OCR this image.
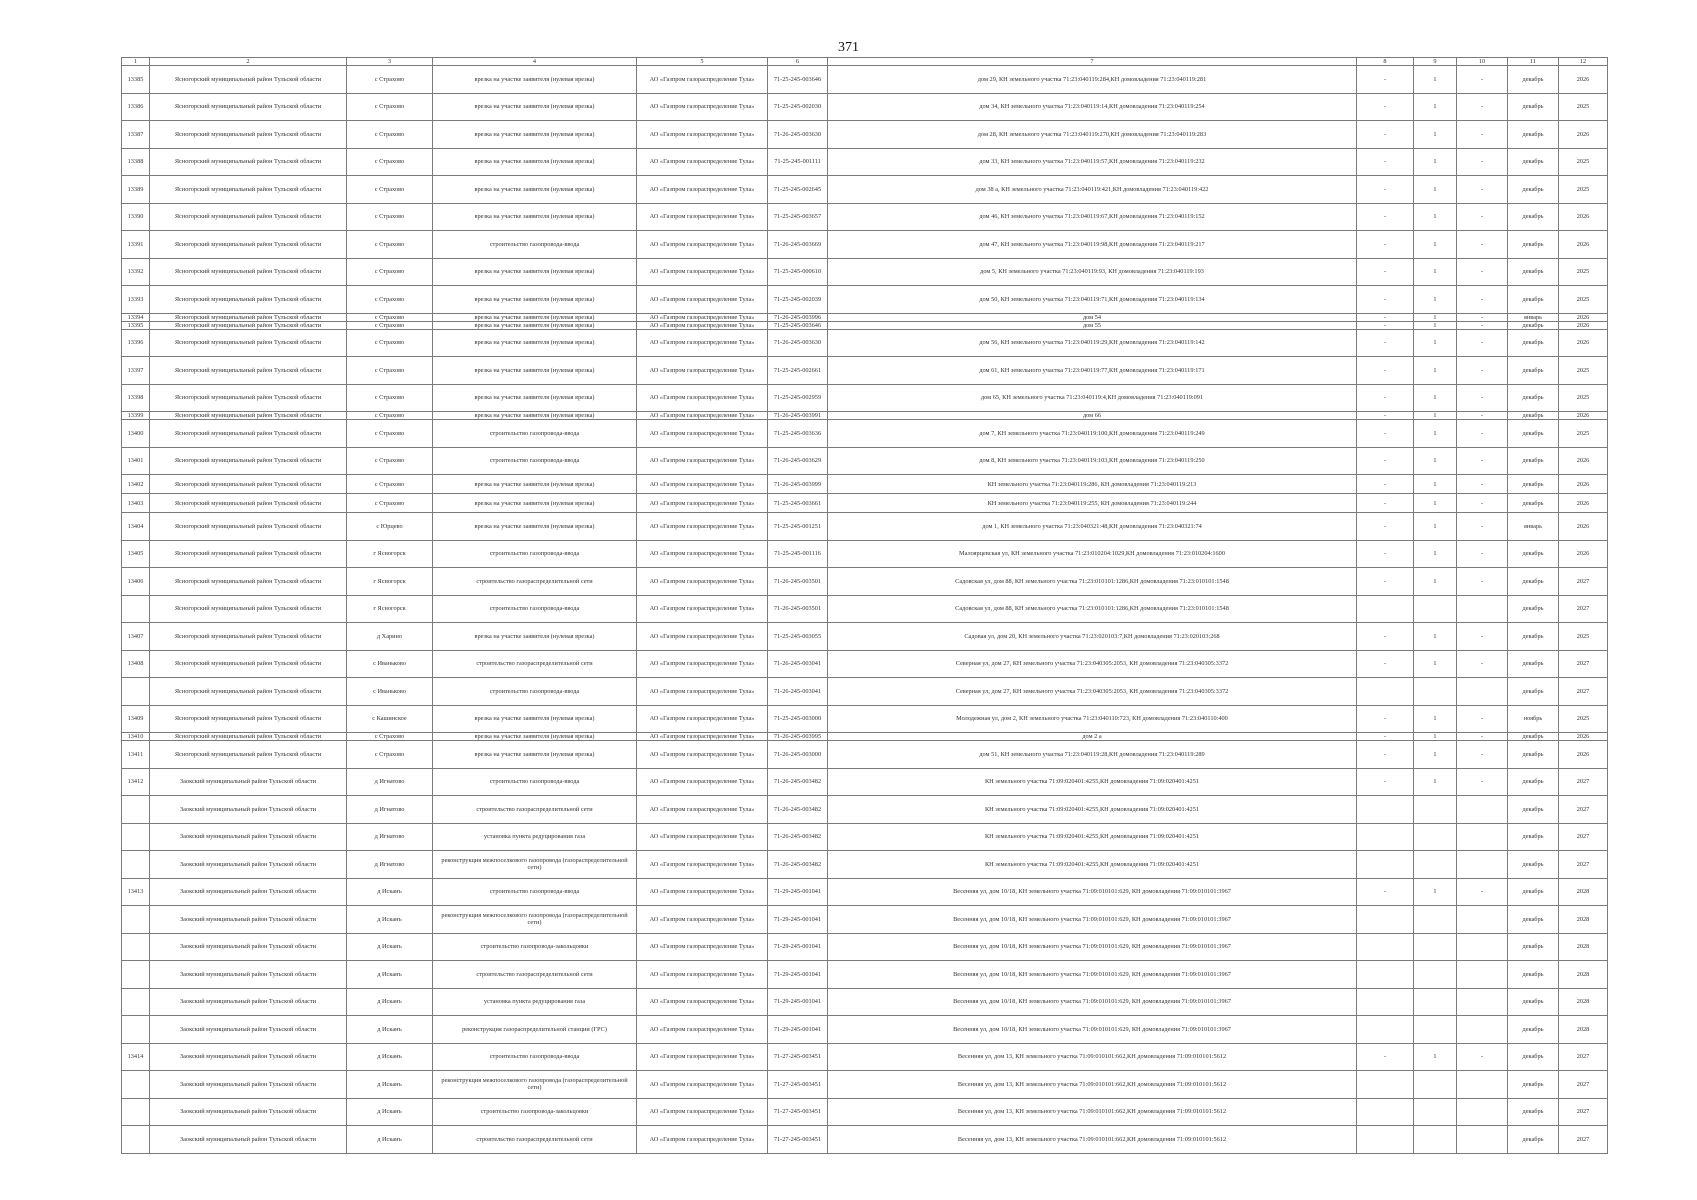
371
1	2	3	4	5	6	7	8	9	10	11	12
13385	Ясногорский муниципальный район Тульской области	с Страхово	врезка на участке заявителя (нулевая врезка)	АО «Газпром газораспределение Тула»	71-25-245-003646	дом 29, КН земельного участка 71:23:040119:284,КН домовладения 71:23:040119:281	-	1	-	декабрь	2026
13386	Ясногорский муниципальный район Тульской области	с Страхово	врезка на участке заявителя (нулевая врезка)	АО «Газпром газораспределение Тула»	71-25-245-002030	дом 34, КН земельного участка 71:23:040119:14,КН домовладения 71:23:040119:254	-	1	-	декабрь	2025
13387	Ясногорский муниципальный район Тульской области	с Страхово	врезка на участке заявителя (нулевая врезка)	АО «Газпром газораспределение Тула»	71-26-245-003630	дом 28, КН земельного участка 71:23:040119:270,КН домовладения 71:23:040119:283	-	1	-	декабрь	2026
13388	Ясногорский муниципальный район Тульской области	с Страхово	врезка на участке заявителя (нулевая врезка)	АО «Газпром газораспределение Тула»	71-25-245-001111	дом 33, КН земельного участка 71:23:040119:57,КН домовладения 71:23:040119:232	-	1	-	декабрь	2025
13389	Ясногорский муниципальный район Тульской области	с Страхово	врезка на участке заявителя (нулевая врезка)	АО «Газпром газораспределение Тула»	71-25-245-002645	дом 38 а, КН земельного участка 71:23:040119:421,КН домовладения 71:23:040119:422	-	1	-	декабрь	2025
13390	Ясногорский муниципальный район Тульской области	с Страхово	врезка на участке заявителя (нулевая врезка)	АО «Газпром газораспределение Тула»	71-25-245-003657	дом 46, КН земельного участка 71:23:040119:67,КН домовладения 71:23:040119:152	-	1	-	декабрь	2026
13391	Ясногорский муниципальный район Тульской области	с Страхово	строительство газопровода-ввода	АО «Газпром газораспределение Тула»	71-26-245-003669	дом 47, КН земельного участка 71:23:040119:98,КН домовладения 71:23:040119:217	-	1	-	декабрь	2026
13392	Ясногорский муниципальный район Тульской области	с Страхово	врезка на участке заявителя (нулевая врезка)	АО «Газпром газораспределение Тула»	71-25-245-000610	дом 5, КН земельного участка 71:23:040119:93, КН домовладения 71:23:040119:193	-	1	-	декабрь	2025
13393	Ясногорский муниципальный район Тульской области	с Страхово	врезка на участке заявителя (нулевая врезка)	АО «Газпром газораспределение Тула»	71-25-245-002039	дом 50, КН земельного участка 71:23:040119:71,КН домовладения 71:23:040119:134	-	1	-	декабрь	2025
13394	Ясногорский муниципальный район Тульской области	с Страхово	врезка на участке заявителя (нулевая врезка)	АО «Газпром газораспределение Тула»	71-26-245-003996	дом 54	-	1	-	январь	2026
13395	Ясногорский муниципальный район Тульской области	с Страхово	врезка на участке заявителя (нулевая врезка)	АО «Газпром газораспределение Тула»	71-25-245-003646	дом 55	-	1	-	декабрь	2026
13396	Ясногорский муниципальный район Тульской области	с Страхово	врезка на участке заявителя (нулевая врезка)	АО «Газпром газораспределение Тула»	71-26-245-003630	дом 56, КН земельного участка 71:23:040119:29,КН домовладения 71:23:040119:142	-	1	-	декабрь	2026
13397	Ясногорский муниципальный район Тульской области	с Страхово	врезка на участке заявителя (нулевая врезка)	АО «Газпром газораспределение Тула»	71-25-245-002661	дом 61, КН земельного участка 71:23:040119:77,КН домовладения 71:23:040119:171	-	1	-	декабрь	2025
13398	Ясногорский муниципальный район Тульской области	с Страхово	врезка на участке заявителя (нулевая врезка)	АО «Газпром газораспределение Тула»	71-25-245-002959	дом 65, КН земельного участка 71:23:040119:4,КН домовладения 71:23:040119:091	-	1	-	декабрь	2025
13399	Ясногорский муниципальный район Тульской области	с Страхово	врезка на участке заявителя (нулевая врезка)	АО «Газпром газораспределение Тула»	71-26-245-003991	дом 66	-	1	-	декабрь	2026
13400	Ясногорский муниципальный район Тульской области	с Страхово	строительство газопровода-ввода	АО «Газпром газораспределение Тула»	71-25-245-003636	дом 7, КН земельного участка 71:23:040119:100,КН домовладения 71:23:040119:249	-	1	-	декабрь	2025
13401	Ясногорский муниципальный район Тульской области	с Страхово	строительство газопровода-ввода	АО «Газпром газораспределение Тула»	71-26-245-003629	дом 8, КН земельного участка 71:23:040119:103,КН домовладения 71:23:040119:250	-	1	-	декабрь	2026
13402	Ясногорский муниципальный район Тульской области	с Страхово	врезка на участке заявителя (нулевая врезка)	АО «Газпром газораспределение Тула»	71-26-245-003999	КН земельного участка 71:23:040119:286, КН домовладения 71:23:040119:213	-	1	-	декабрь	2026
13403	Ясногорский муниципальный район Тульской области	с Страхово	врезка на участке заявителя (нулевая врезка)	АО «Газпром газораспределение Тула»	71-25-245-003661	КН земельного участка 71:23:040119:255, КН домовладения 71:23:040119:244	-	1	-	декабрь	2026
13404	Ясногорский муниципальный район Тульской области	с Юрцево	врезка на участке заявителя (нулевая врезка)	АО «Газпром газораспределение Тула»	71-25-245-001251	дом 1, КН земельного участка 71:23:040321:48,КН домовладения 71:23:040321:74	-	1	-	январь	2026
13405	Ясногорский муниципальный район Тульской области	г Ясногорск	строительство газопровода-ввода	АО «Газпром газораспределение Тула»	71-25-245-001116	Малоярцевская ул, КН земельного участка 71:23:010204:1029,КН домовладения 71:23:010204:1600	-	1	-	декабрь	2026
13406	Ясногорский муниципальный район Тульской области	г Ясногорск	строительство газораспределительной сети	АО «Газпром газораспределение Тула»	71-26-245-003501	Садовская ул, дом 88, КН земельного участка 71:23:010101:1286,КН домовладения 71:23:010101:1548	-	1	-	декабрь	2027
	Ясногорский муниципальный район Тульской области	г Ясногорск	строительство газопровода-ввода	АО «Газпром газораспределение Тула»	71-26-245-003501	Садовская ул, дом 88, КН земельного участка 71:23:010101:1286,КН домовладения 71:23:010101:1548				декабрь	2027
13407	Ясногорский муниципальный район Тульской области	д Харино	врезка на участке заявителя (нулевая врезка)	АО «Газпром газораспределение Тула»	71-25-245-003055	Садовая ул, дом 20, КН земельного участка 71:23:020103:7,КН домовладения 71:23:020103:268	-	1	-	декабрь	2025
13408	Ясногорский муниципальный район Тульской области	с Иваньково	строительство газораспределительной сети	АО «Газпром газораспределение Тула»	71-26-245-003041	Северная ул, дом 27, КН земельного участка 71:23:040305:2053, КН домовладения 71:23:040305:3372	-	1	-	декабрь	2027
	Ясногорский муниципальный район Тульской области	с Иваньково	строительство газопровода-ввода	АО «Газпром газораспределение Тула»	71-26-245-003041	Северная ул, дом 27, КН земельного участка 71:23:040305:2053, КН домовладения 71:23:040305:3372				декабрь	2027
13409	Ясногорский муниципальный район Тульской области	с Кашинское	врезка на участке заявителя (нулевая врезка)	АО «Газпром газораспределение Тула»	71-25-245-003000	Молодежная ул, дом 2, КН земельного участка 71:23:040110:723, КН домовладения 71:23:040110:400	-	1	-	ноябрь	2025
13410	Ясногорский муниципальный район Тульской области	с Страхово	врезка на участке заявителя (нулевая врезка)	АО «Газпром газораспределение Тула»	71-26-245-003995	дом 2 а	-	1	-	декабрь	2026
13411	Ясногорский муниципальный район Тульской области	с Страхово	врезка на участке заявителя (нулевая врезка)	АО «Газпром газораспределение Тула»	71-26-245-003000	дом 51, КН земельного участка 71:23:040119:28,КН домовладения 71:23:040119:289	-	1	-	декабрь	2026
13412	Заокский муниципальный район Тульской области	д Игнатово	строительство газопровода-ввода	АО «Газпром газораспределение Тула»	71-26-245-003482	КН земельного участка 71:09:020401:4255,КН домовладения 71:09:020401:4251	-	1	-	декабрь	2027
	Заокский муниципальный район Тульской области	д Игнатово	строительство газораспределительной сети	АО «Газпром газораспределение Тула»	71-26-245-003482	КН земельного участка 71:09:020401:4255,КН домовладения 71:09:020401:4251				декабрь	2027
	Заокский муниципальный район Тульской области	д Игнатово	установка пункта редуцирования газа	АО «Газпром газораспределение Тула»	71-26-245-003482	КН земельного участка 71:09:020401:4255,КН домовладения 71:09:020401:4251				декабрь	2027
	Заокский муниципальный район Тульской области	д Игнатово	реконструкция межпоселкового газопровода (газораспределительной сети)	АО «Газпром газораспределение Тула»	71-26-245-003482	КН земельного участка 71:09:020401:4255,КН домовладения 71:09:020401:4251				декабрь	2027
13413	Заокский муниципальный район Тульской области	д Исканъ	строительство газопровода-ввода	АО «Газпром газораспределение Тула»	71-29-245-001041	Весенняя ул, дом 10/18, КН земельного участка 71:09:010101:629, КН домовладения 71:09:010101:3967	-	1	-	декабрь	2028
	Заокский муниципальный район Тульской области	д Исканъ	реконструкция межпоселкового газопровода (газораспределительной сети)	АО «Газпром газораспределение Тула»	71-29-245-001041	Весенняя ул, дом 10/18, КН земельного участка 71:09:010101:629, КН домовладения 71:09:010101:3967				декабрь	2028
	Заокский муниципальный район Тульской области	д Исканъ	строительство газопровода-закольцовки	АО «Газпром газораспределение Тула»	71-29-245-001041	Весенняя ул, дом 10/18, КН земельного участка 71:09:010101:629, КН домовладения 71:09:010101:3967				декабрь	2028
	Заокский муниципальный район Тульской области	д Исканъ	строительство газораспределительной сети	АО «Газпром газораспределение Тула»	71-29-245-001041	Весенняя ул, дом 10/18, КН земельного участка 71:09:010101:629, КН домовладения 71:09:010101:3967				декабрь	2028
	Заокский муниципальный район Тульской области	д Исканъ	установка пункта редуцирования газа	АО «Газпром газораспределение Тула»	71-29-245-001041	Весенняя ул, дом 10/18, КН земельного участка 71:09:010101:629, КН домовладения 71:09:010101:3967				декабрь	2028
	Заокский муниципальный район Тульской области	д Исканъ	реконструкция газораспределительной станции (ГРС)	АО «Газпром газораспределение Тула»	71-29-245-001041	Весенняя ул, дом 10/18, КН земельного участка 71:09:010101:629, КН домовладения 71:09:010101:3967				декабрь	2028
13414	Заокский муниципальный район Тульской области	д Исканъ	строительство газопровода-ввода	АО «Газпром газораспределение Тула»	71-27-245-003451	Весенняя ул, дом 13, КН земельного участка 71:09:010101:662,КН домовладения 71:09:010101:5612	-	1	-	декабрь	2027
	Заокский муниципальный район Тульской области	д Исканъ	реконструкция межпоселкового газопровода (газораспределительной сети)	АО «Газпром газораспределение Тула»	71-27-245-003451	Весенняя ул, дом 13, КН земельного участка 71:09:010101:662,КН домовладения 71:09:010101:5612				декабрь	2027
	Заокский муниципальный район Тульской области	д Исканъ	строительство газопровода-закольцовки	АО «Газпром газораспределение Тула»	71-27-245-003451	Весенняя ул, дом 13, КН земельного участка 71:09:010101:662,КН домовладения 71:09:010101:5612				декабрь	2027
	Заокский муниципальный район Тульской области	д Исканъ	строительство газораспределительной сети	АО «Газпром газораспределение Тула»	71-27-245-003451	Весенняя ул, дом 13, КН земельного участка 71:09:010101:662,КН домовладения 71:09:010101:5612				декабрь	2027
